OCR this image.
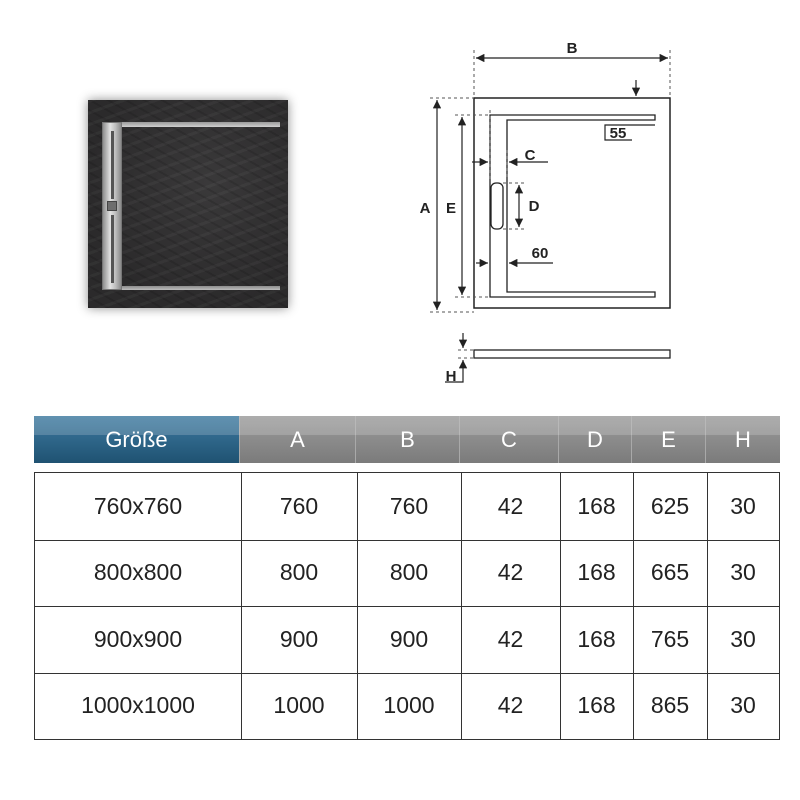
B
A E
C
D
55
60
H
Größe	A	B	C	D	E	H
760x760	760	760	42	168	625	30
800x800	800	800	42	168	665	30
900x900	900	900	42	168	765	30
1000x1000	1000	1000	42	168	865	30
